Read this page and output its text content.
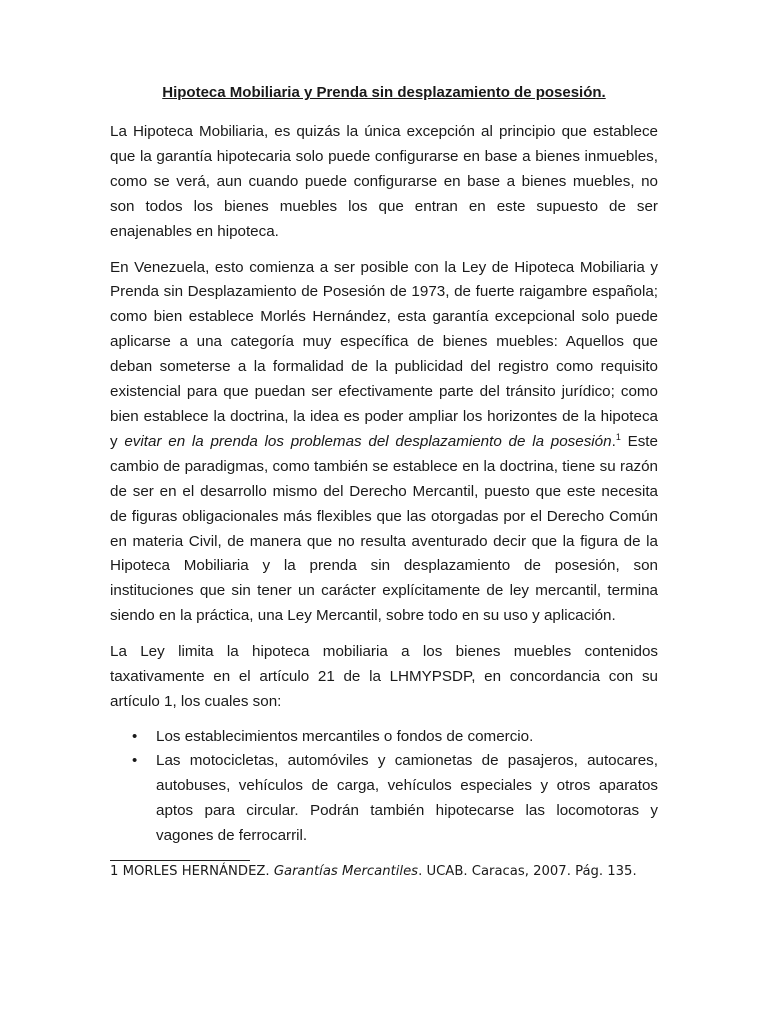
Hipoteca Mobiliaria y Prenda sin desplazamiento de posesión.

La Hipoteca Mobiliaria, es quizás la única excepción al principio que establece que la garantía hipotecaria solo puede configurarse en base a bienes inmuebles, como se verá, aun cuando puede configurarse en base a bienes muebles, no son todos los bienes muebles los que entran en este supuesto de ser enajenables en hipoteca.

En Venezuela, esto comienza a ser posible con la Ley de Hipoteca Mobiliaria y Prenda sin Desplazamiento de Posesión de 1973, de fuerte raigambre española; como bien establece Morlés Hernández, esta garantía excepcional solo puede aplicarse a una categoría muy específica de bienes muebles: Aquellos que deban someterse a la formalidad de la publicidad del registro como requisito existencial para que puedan ser efectivamente parte del tránsito jurídico; como bien establece la doctrina, la idea es poder ampliar los horizontes de la hipoteca y evitar en la prenda los problemas del desplazamiento de la posesión.$^1$ Este cambio de paradigmas, como también se establece en la doctrina, tiene su razón de ser en el desarrollo mismo del Derecho Mercantil, puesto que este necesita de figuras obligacionales más flexibles que las otorgadas por el Derecho Común en materia Civil, de manera que no resulta aventurado decir que la figura de la Hipoteca Mobiliaria y la prenda sin desplazamiento de posesión, son instituciones que sin tener un carácter explícitamente de ley mercantil, termina siendo en la práctica, una Ley Mercantil, sobre todo en su uso y aplicación.

La Ley limita la hipoteca mobiliaria a los bienes muebles contenidos taxativamente en el artículo 21 de la LHMYPSDP, en concordancia con su artículo 1, los cuales son:

• Los establecimientos mercantiles o fondos de comercio.
• Las motocicletas, automóviles y camionetas de pasajeros, autocares, autobuses, vehículos de carga, vehículos especiales y otros aparatos aptos para circular. Podrán también hipotecarse las locomotoras y vagones de ferrocarril.
1 MORLES HERNÁNDEZ. Garantías Mercantiles. UCAB. Caracas, 2007. Pág. 135.
